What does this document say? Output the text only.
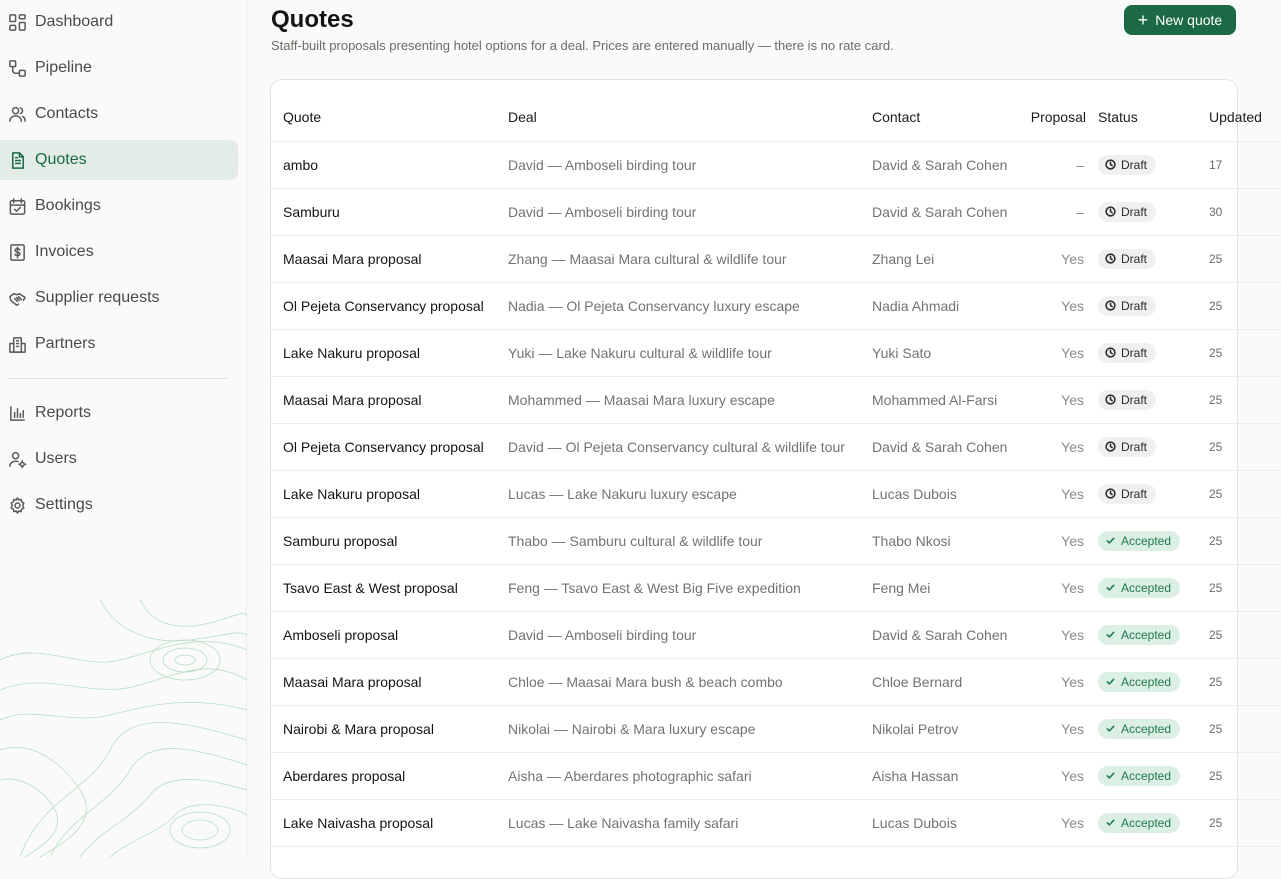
Dashboard
Pipeline
Contacts
Quotes
Bookings
Invoices
Supplier requests
Partners
Reports
Users
Settings
Quotes
Staff-built proposals presenting hotel options for a deal. Prices are entered manually — there is no rate card.
+ New quote
Quote	Deal	Contact	Proposal	Status	Updated
ambo	David — Amboseli birding tour	David & Sarah Cohen	–	Draft	17
Samburu	David — Amboseli birding tour	David & Sarah Cohen	–	Draft	30
Maasai Mara proposal	Zhang — Maasai Mara cultural & wildlife tour	Zhang Lei	Yes	Draft	25
Ol Pejeta Conservancy proposal	Nadia — Ol Pejeta Conservancy luxury escape	Nadia Ahmadi	Yes	Draft	25
Lake Nakuru proposal	Yuki — Lake Nakuru cultural & wildlife tour	Yuki Sato	Yes	Draft	25
Maasai Mara proposal	Mohammed — Maasai Mara luxury escape	Mohammed Al-Farsi	Yes	Draft	25
Ol Pejeta Conservancy proposal	David — Ol Pejeta Conservancy cultural & wildlife tour	David & Sarah Cohen	Yes	Draft	25
Lake Nakuru proposal	Lucas — Lake Nakuru luxury escape	Lucas Dubois	Yes	Draft	25
Samburu proposal	Thabo — Samburu cultural & wildlife tour	Thabo Nkosi	Yes	Accepted	25
Tsavo East & West proposal	Feng — Tsavo East & West Big Five expedition	Feng Mei	Yes	Accepted	25
Amboseli proposal	David — Amboseli birding tour	David & Sarah Cohen	Yes	Accepted	25
Maasai Mara proposal	Chloe — Maasai Mara bush & beach combo	Chloe Bernard	Yes	Accepted	25
Nairobi & Mara proposal	Nikolai — Nairobi & Mara luxury escape	Nikolai Petrov	Yes	Accepted	25
Aberdares proposal	Aisha — Aberdares photographic safari	Aisha Hassan	Yes	Accepted	25
Lake Naivasha proposal	Lucas — Lake Naivasha family safari	Lucas Dubois	Yes	Accepted	25
